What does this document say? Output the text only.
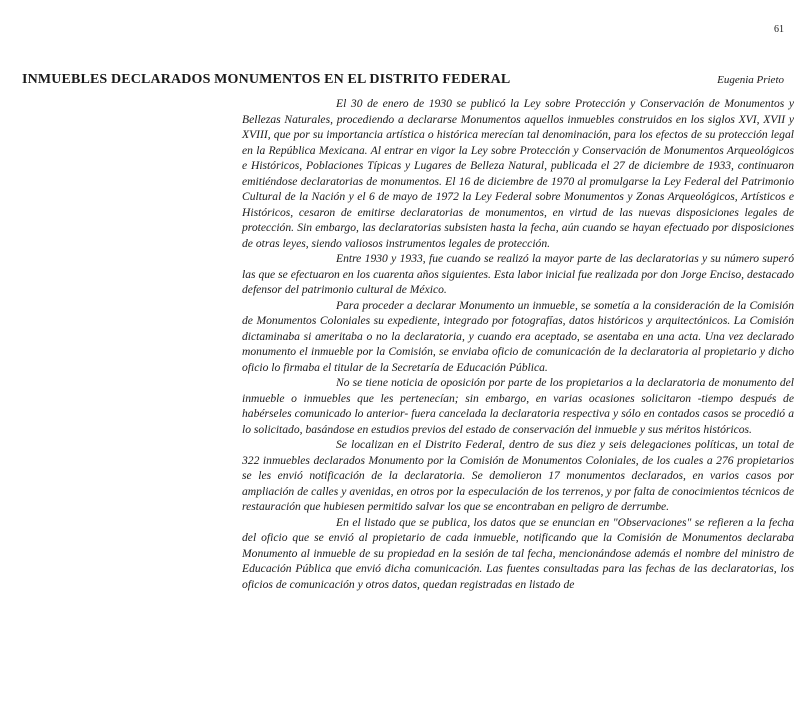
61
INMUEBLES DECLARADOS MONUMENTOS EN EL DISTRITO FEDERAL	Eugenia Prieto

El 30 de enero de 1930 se publicó la Ley sobre Protección y Conservación de Monumentos y Bellezas Naturales, procediendo a declararse Monumentos aquellos inmuebles construidos en los siglos XVI, XVII y XVIII, que por su importancia artística o histórica merecían tal denominación, para los efectos de su protección legal en la República Mexicana. Al entrar en vigor la Ley sobre Protección y Conservación de Monumentos Arqueológicos e Históricos, Poblaciones Típicas y Lugares de Belleza Natural, publicada el 27 de diciembre de 1933, continuaron emitiéndose declaratorias de monumentos. El 16 de diciembre de 1970 al promulgarse la Ley Federal del Patrimonio Cultural de la Nación y el 6 de mayo de 1972 la Ley Federal sobre Monumentos y Zonas Arqueológicos, Artísticos e Históricos, cesaron de emitirse declaratorias de monumentos, en virtud de las nuevas disposiciones legales de protección. Sin embargo, las declaratorias subsisten hasta la fecha, aún cuando se hayan efectuado por disposiciones de otras leyes, siendo valiosos instrumentos legales de protección.

Entre 1930 y 1933, fue cuando se realizó la mayor parte de las declaratorias y su número superó las que se efectuaron en los cuarenta años siguientes. Esta labor inicial fue realizada por don Jorge Enciso, destacado defensor del patrimonio cultural de México.

Para proceder a declarar Monumento un inmueble, se sometía a la consideración de la Comisión de Monumentos Coloniales su expediente, integrado por fotografías, datos históricos y arquitectónicos. La Comisión dictaminaba si ameritaba o no la declaratoria, y cuando era aceptado, se asentaba en una acta. Una vez declarado monumento el inmueble por la Comisión, se enviaba oficio de comunicación de la declaratoria al propietario y dicho oficio lo firmaba el titular de la Secretaría de Educación Pública.

No se tiene noticia de oposición por parte de los propietarios a la declaratoria de monumento del inmueble o inmuebles que les pertenecían; sin embargo, en varias ocasiones solicitaron -tiempo después de habérseles comunicado lo anterior- fuera cancelada la declaratoria respectiva y sólo en contados casos se procedió a lo solicitado, basándose en estudios previos del estado de conservación del inmueble y sus méritos históricos.

Se localizan en el Distrito Federal, dentro de sus diez y seis delegaciones políticas, un total de 322 inmuebles declarados Monumento por la Comisión de Monumentos Coloniales, de los cuales a 276 propietarios se les envió notificación de la declaratoria. Se demolieron 17 monumentos declarados, en varios casos por ampliación de calles y avenidas, en otros por la especulación de los terrenos, y por falta de conocimientos técnicos de restauración que hubiesen permitido salvar los que se encontraban en peligro de derrumbe.

En el listado que se publica, los datos que se enuncian en "Observaciones" se refieren a la fecha del oficio que se envió al propietario de cada inmueble, notificando que la Comisión de Monumentos declaraba Monumento al inmueble de su propiedad en la sesión de tal fecha, mencionándose además el nombre del ministro de Educación Pública que envió dicha comunicación. Las fuentes consultadas para las fechas de las declaratorias, los oficios de comunicación y otros datos, quedan registradas en listado de
